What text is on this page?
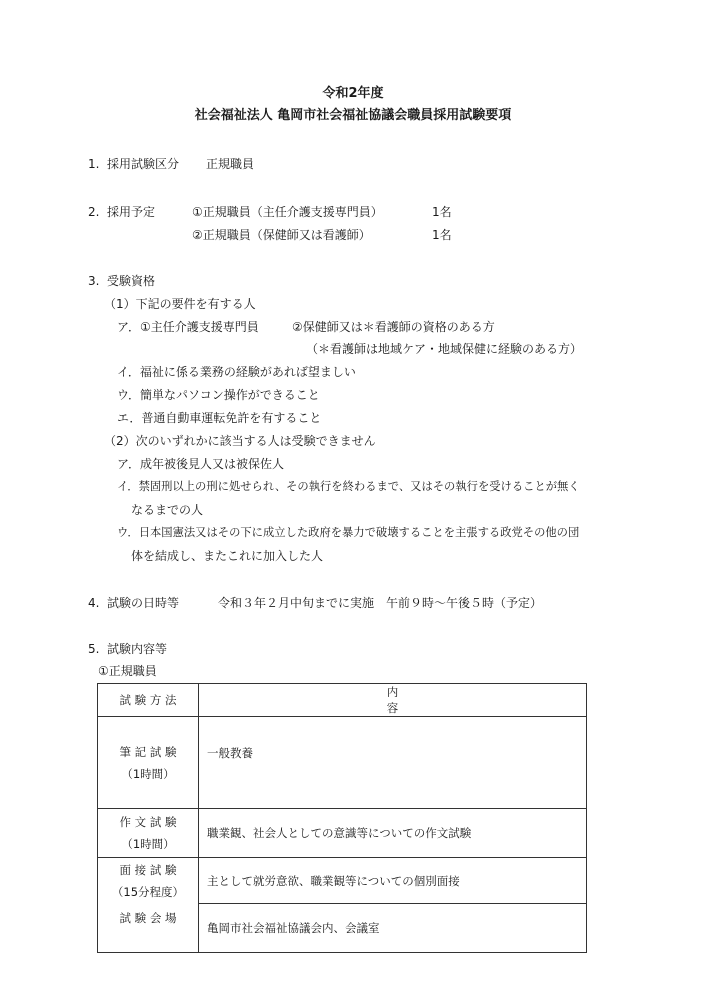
令和2年度
社会福祉法人 亀岡市社会福祉協議会職員採用試験要項
1. 採用試験区分 正規職員
2. 採用予定	①正規職員（主任介護支援専門員）	1名
②正規職員（保健師又は看護師）	1名
3. 受験資格
（1）下記の要件を有する人
ア．①主任介護支援専門員	②保健師又は＊看護師の資格のある方
（＊看護師は地域ケア・地域保健に経験のある方）
イ．福祉に係る業務の経験があれば望ましい
ウ．簡単なパソコン操作ができること
エ．普通自動車運転免許を有すること
（2）次のいずれかに該当する人は受験できません
ア．成年被後見人又は被保佐人
イ．禁固刑以上の刑に処せられ、その執行を終わるまで、又はその執行を受けることが無く
なるまでの人
ウ．日本国憲法又はその下に成立した政府を暴力で破壊することを主張する政党その他の団
体を結成し、またこれに加入した人
4. 試験の日時等	令和３年２月中旬までに実施　午前９時～午後５時（予定）
5. 試験内容等
①正規職員
試 験 方 法	内容

筆 記 試 験
（1時間）	一般教養

作 文 試 験
（1時間）	職業観、社会人としての意識等についての作文試験

面 接 試 験
（15分程度）	主として就労意欲、職業観等についての個別面接
試 験 会 場	亀岡市社会福祉協議会内、会議室
